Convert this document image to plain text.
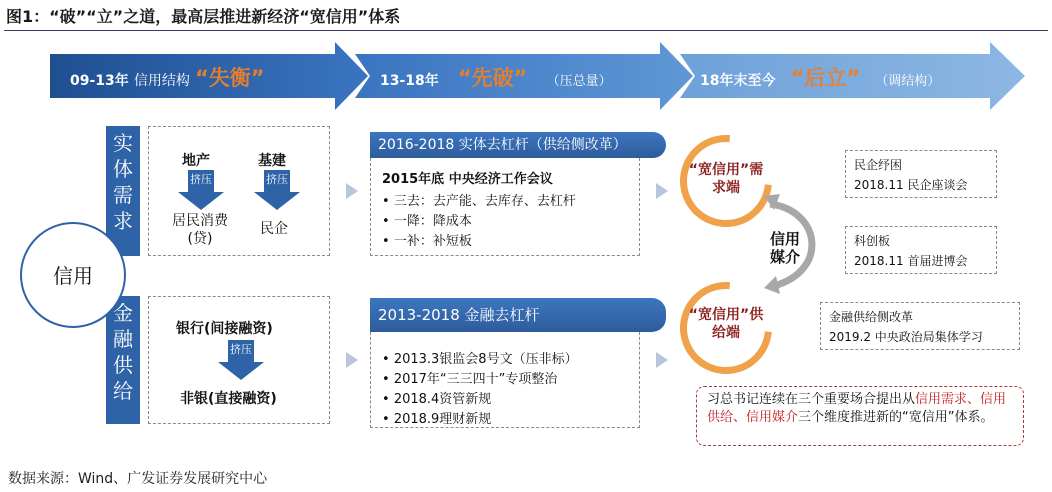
图1：“破”“立”之道，最高层推进新经济“宽信用”体系
09-13年 信用结构 “失衡”	13-18年 “先破” （压总量）	18年末至今 “后立” （调结构）
信用
实体需求
地产	基建
挤压	挤压
居民消费(贷)
民企
金融供给
银行(间接融资)
挤压
非银(直接融资)
2016-2018 实体去杠杆（供给侧改革）
2015年底 中央经济工作会议
• 三去：去产能、去库存、去杠杆
• 一降：降成本
• 一补：补短板
2013-2018 金融去杠杆
• 2013.3银监会8号文（压非标）
• 2017年“三三四十”专项整治
• 2018.4资管新规
• 2018.9理财新规
“宽信用”需求端
“宽信用”供给端
信用媒介
民企纾困
2018.11 民企座谈会
科创板
2018.11 首届进博会
金融供给侧改革
2019.2 中央政治局集体学习
习总书记连续在三个重要场合提出从信用需求、信用供给、信用媒介三个维度推进新的“宽信用”体系。
数据来源：Wind、广发证券发展研究中心
